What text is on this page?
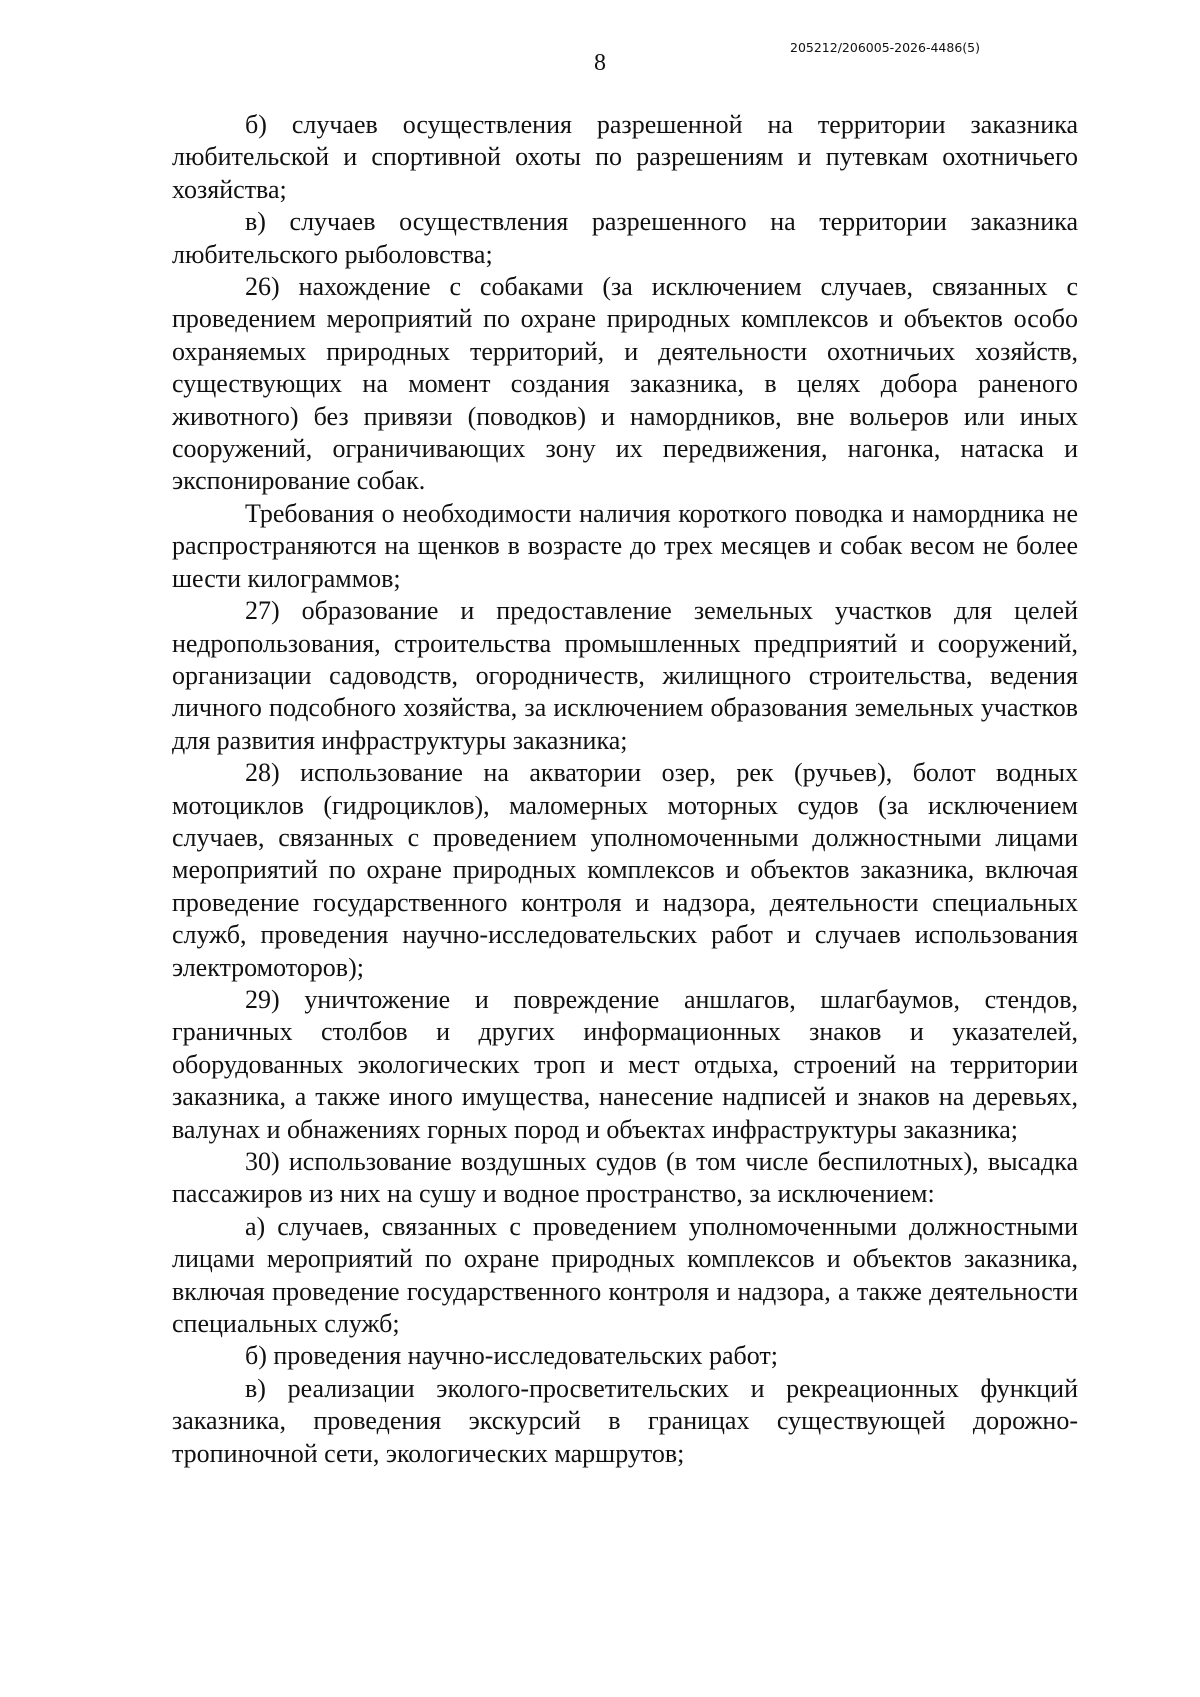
8
205212/206005-2026-4486(5)

б) случаев осуществления разрешенной на территории заказника любительской и спортивной охоты по разрешениям и путевкам охотничьего хозяйства;

в) случаев осуществления разрешенного на территории заказника любительского рыболовства;

26) нахождение с собаками (за исключением случаев, связанных с проведением мероприятий по охране природных комплексов и объектов особо охраняемых природных территорий, и деятельности охотничьих хозяйств, существующих на момент создания заказника, в целях добора раненого животного) без привязи (поводков) и намордников, вне вольеров или иных сооружений, ограничивающих зону их передвижения, нагонка, натаска и экспонирование собак.

Требования о необходимости наличия короткого поводка и намордника не распространяются на щенков в возрасте до трех месяцев и собак весом не более шести килограммов;

27) образование и предоставление земельных участков для целей недропользования, строительства промышленных предприятий и сооружений, организации садоводств, огородничеств, жилищного строительства, ведения личного подсобного хозяйства, за исключением образования земельных участков для развития инфраструктуры заказника;

28) использование на акватории озер, рек (ручьев), болот водных мотоциклов (гидроциклов), маломерных моторных судов (за исключением случаев, связанных с проведением уполномоченными должностными лицами мероприятий по охране природных комплексов и объектов заказника, включая проведение государственного контроля и надзора, деятельности специальных служб, проведения научно-исследовательских работ и случаев использования электромоторов);

29) уничтожение и повреждение аншлагов, шлагбаумов, стендов, граничных столбов и других информационных знаков и указателей, оборудованных экологических троп и мест отдыха, строений на территории заказника, а также иного имущества, нанесение надписей и знаков на деревьях, валунах и обнажениях горных пород и объектах инфраструктуры заказника;

30) использование воздушных судов (в том числе беспилотных), высадка пассажиров из них на сушу и водное пространство, за исключением:

а) случаев, связанных с проведением уполномоченными должностными лицами мероприятий по охране природных комплексов и объектов заказника, включая проведение государственного контроля и надзора, а также деятельности специальных служб;

б) проведения научно-исследовательских работ;

в) реализации эколого-просветительских и рекреационных функций заказника, проведения экскурсий в границах существующей дорожно-тропиночной сети, экологических маршрутов;
